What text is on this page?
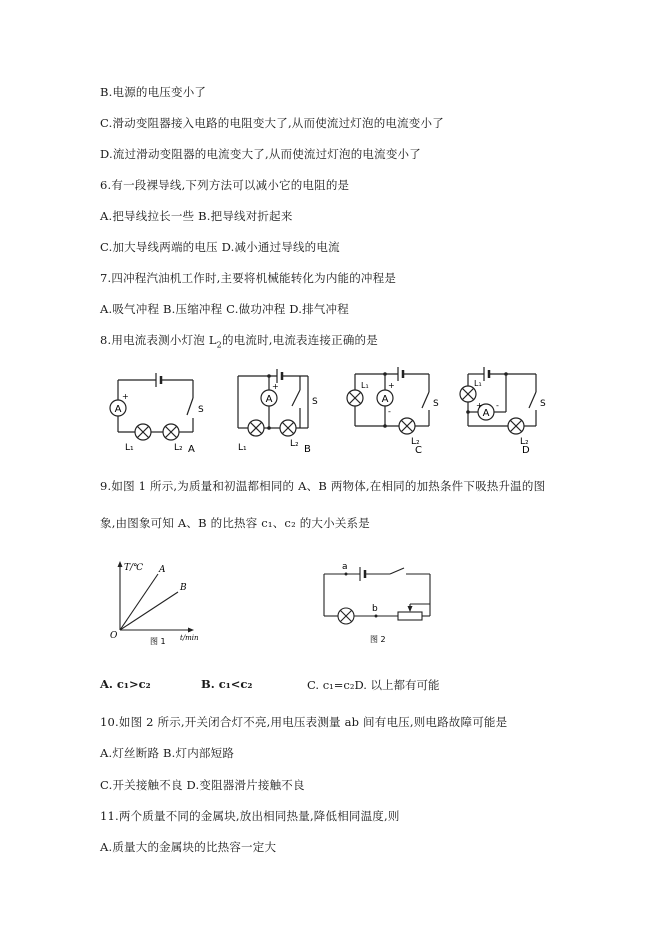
B.电源的电压变小了
C.滑动变阻器接入电路的电阻变大了,从而使流过灯泡的电流变小了
D.流过滑动变阻器的电流变大了,从而使流过灯泡的电流变小了
6.有一段裸导线,下列方法可以减小它的电阻的是
A.把导线拉长一些 B.把导线对折起来
C.加大导线两端的电压 D.减小通过导线的电流
7.四冲程汽油机工作时,主要将机械能转化为内能的冲程是
A.吸气冲程 B.压缩冲程 C.做功冲程 D.排气冲程
8.用电流表测小灯泡 $L_2$的电流时,电流表连接正确的是
A
+
S
L₁	L₂ A
A
+
S
L₁	L₂ B
A
+
-
L₁
S
L₂
C
A
+ -
L₁
S
L₂
D
9.如图 1 所示,为质量和初温都相同的 A、B 两物体,在相同的加热条件下吸热升温的图
象,由图象可知 A、B 的比热容 c₁、c₂ 的大小关系是
T/℃ A
B
O	t/min
图 1
a
b
图 2
A. c₁>c₂	B. c₁<c₂	C. c₁=c₂D. 以上都有可能
10.如图 2 所示,开关闭合灯不亮,用电压表测量 ab 间有电压,则电路故障可能是
A.灯丝断路 B.灯内部短路
C.开关接触不良 D.变阻器滑片接触不良
11.两个质量不同的金属块,放出相同热量,降低相同温度,则
A.质量大的金属块的比热容一定大
